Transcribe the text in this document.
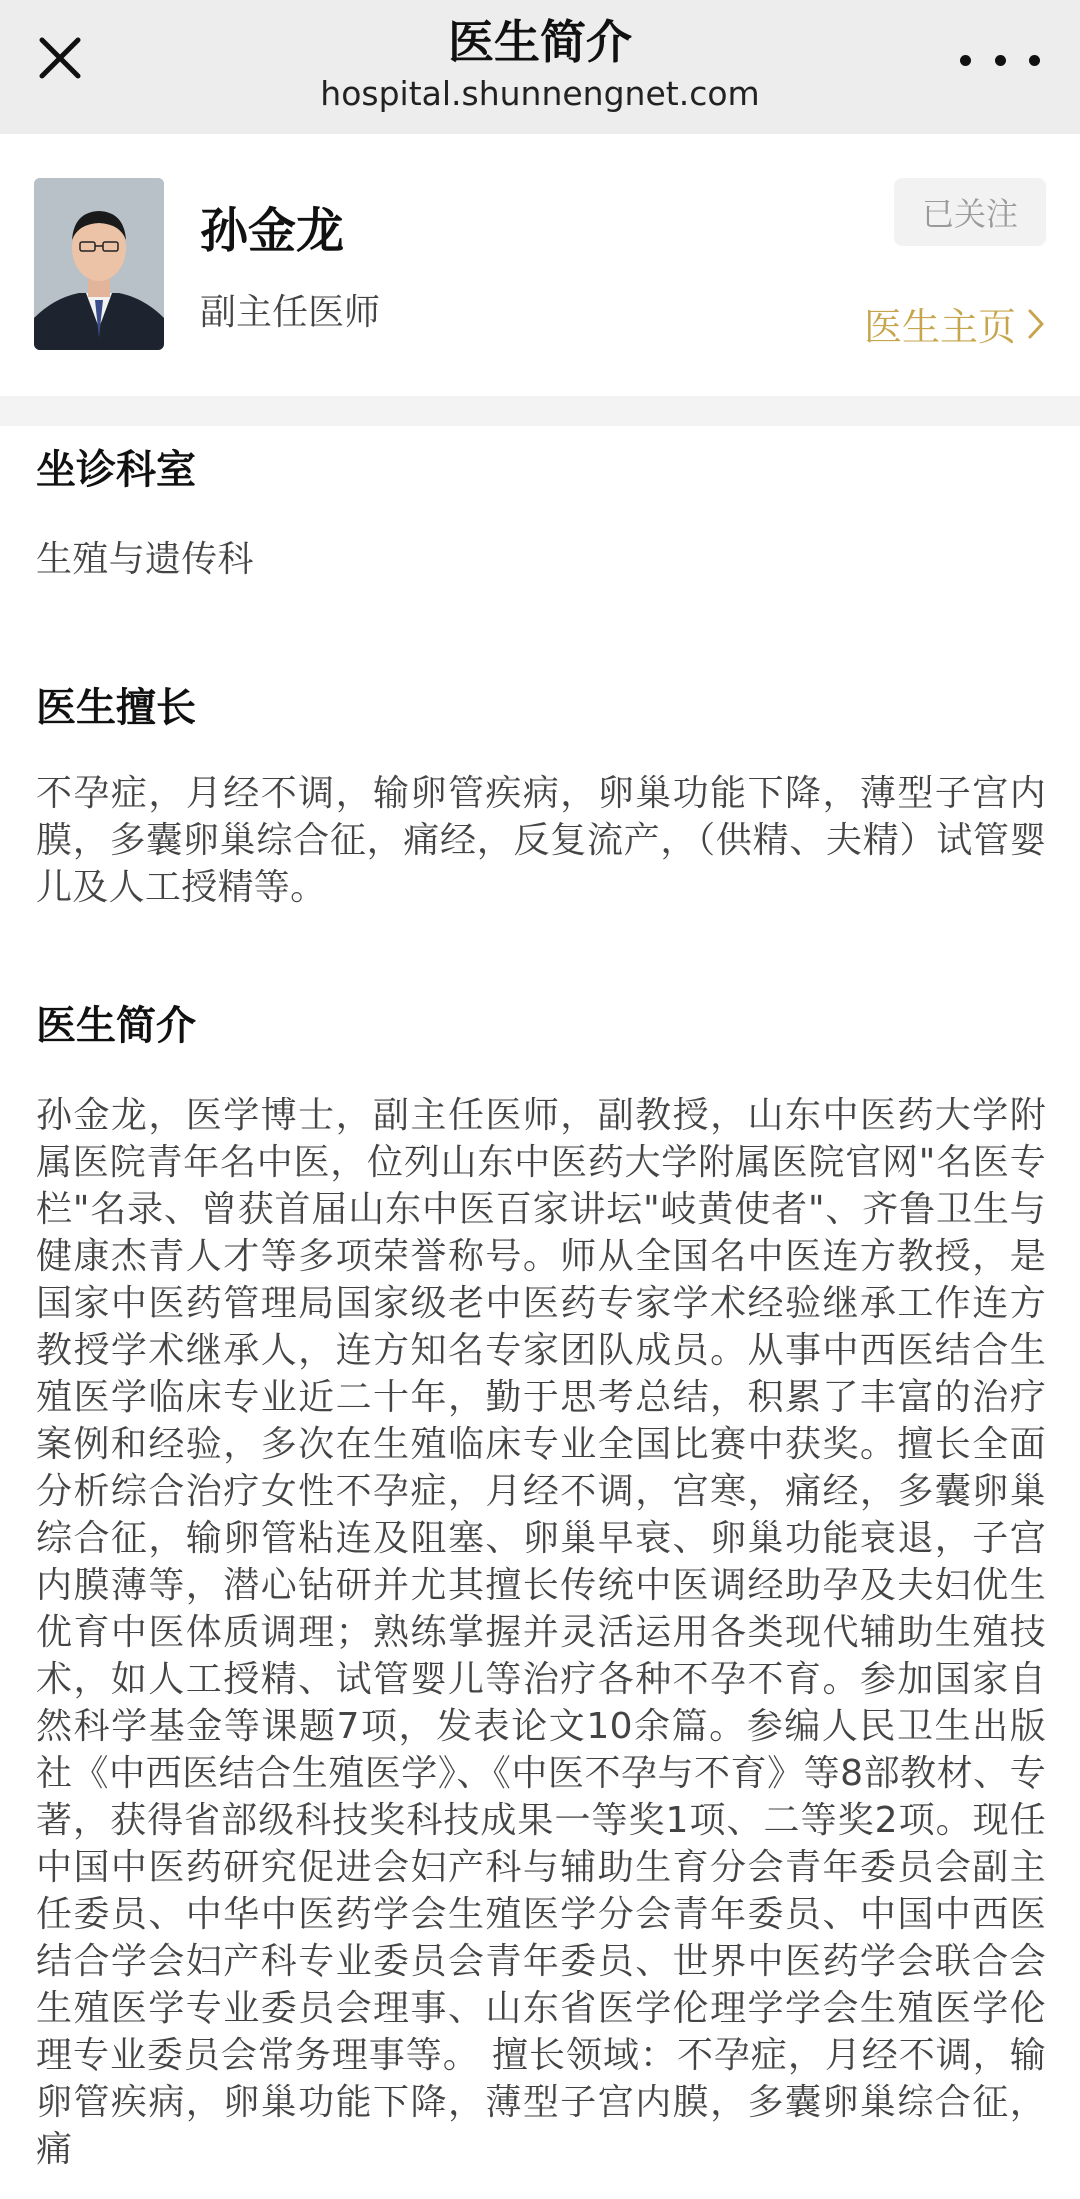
医生简介
hospital.shunnengnet.com
孙金龙
副主任医师
已关注
医生主页
坐诊科室

生殖与遗传科

医生擅长

不孕症，月经不调，输卵管疾病，卵巢功能下降，薄型子宫内膜，多囊卵巢综合征，痛经，反复流产，（供精、夫精）试管婴儿及人工授精等。

医生简介

孙金龙，医学博士，副主任医师，副教授，山东中医药大学附属医院青年名中医，位列山东中医药大学附属医院官网"名医专栏"名录、曾获首届山东中医百家讲坛"岐黄使者"、齐鲁卫生与健康杰青人才等多项荣誉称号。师从全国名中医连方教授，是国家中医药管理局国家级老中医药专家学术经验继承工作连方教授学术继承人，连方知名专家团队成员。从事中西医结合生殖医学临床专业近二十年，勤于思考总结，积累了丰富的治疗案例和经验，多次在生殖临床专业全国比赛中获奖。擅长全面分析综合治疗女性不孕症，月经不调，宫寒，痛经，多囊卵巢综合征，输卵管粘连及阻塞、卵巢早衰、卵巢功能衰退，子宫内膜薄等，潜心钻研并尤其擅长传统中医调经助孕及夫妇优生优育中医体质调理；熟练掌握并灵活运用各类现代辅助生殖技术，如人工授精、试管婴儿等治疗各种不孕不育。参加国家自然科学基金等课题7项，发表论文10余篇。参编人民卫生出版社《中西医结合生殖医学》、《中医不孕与不育》等8部教材、专著，获得省部级科技奖科技成果一等奖1项、二等奖2项。现任中国中医药研究促进会妇产科与辅助生育分会青年委员会副主任委员、中华中医药学会生殖医学分会青年委员、中国中西医结合学会妇产科专业委员会青年委员、世界中医药学会联合会生殖医学专业委员会理事、山东省医学伦理学学会生殖医学伦理专业委员会常务理事等。 擅长领域：不孕症，月经不调，输卵管疾病，卵巢功能下降，薄型子宫内膜，多囊卵巢综合征，痛
